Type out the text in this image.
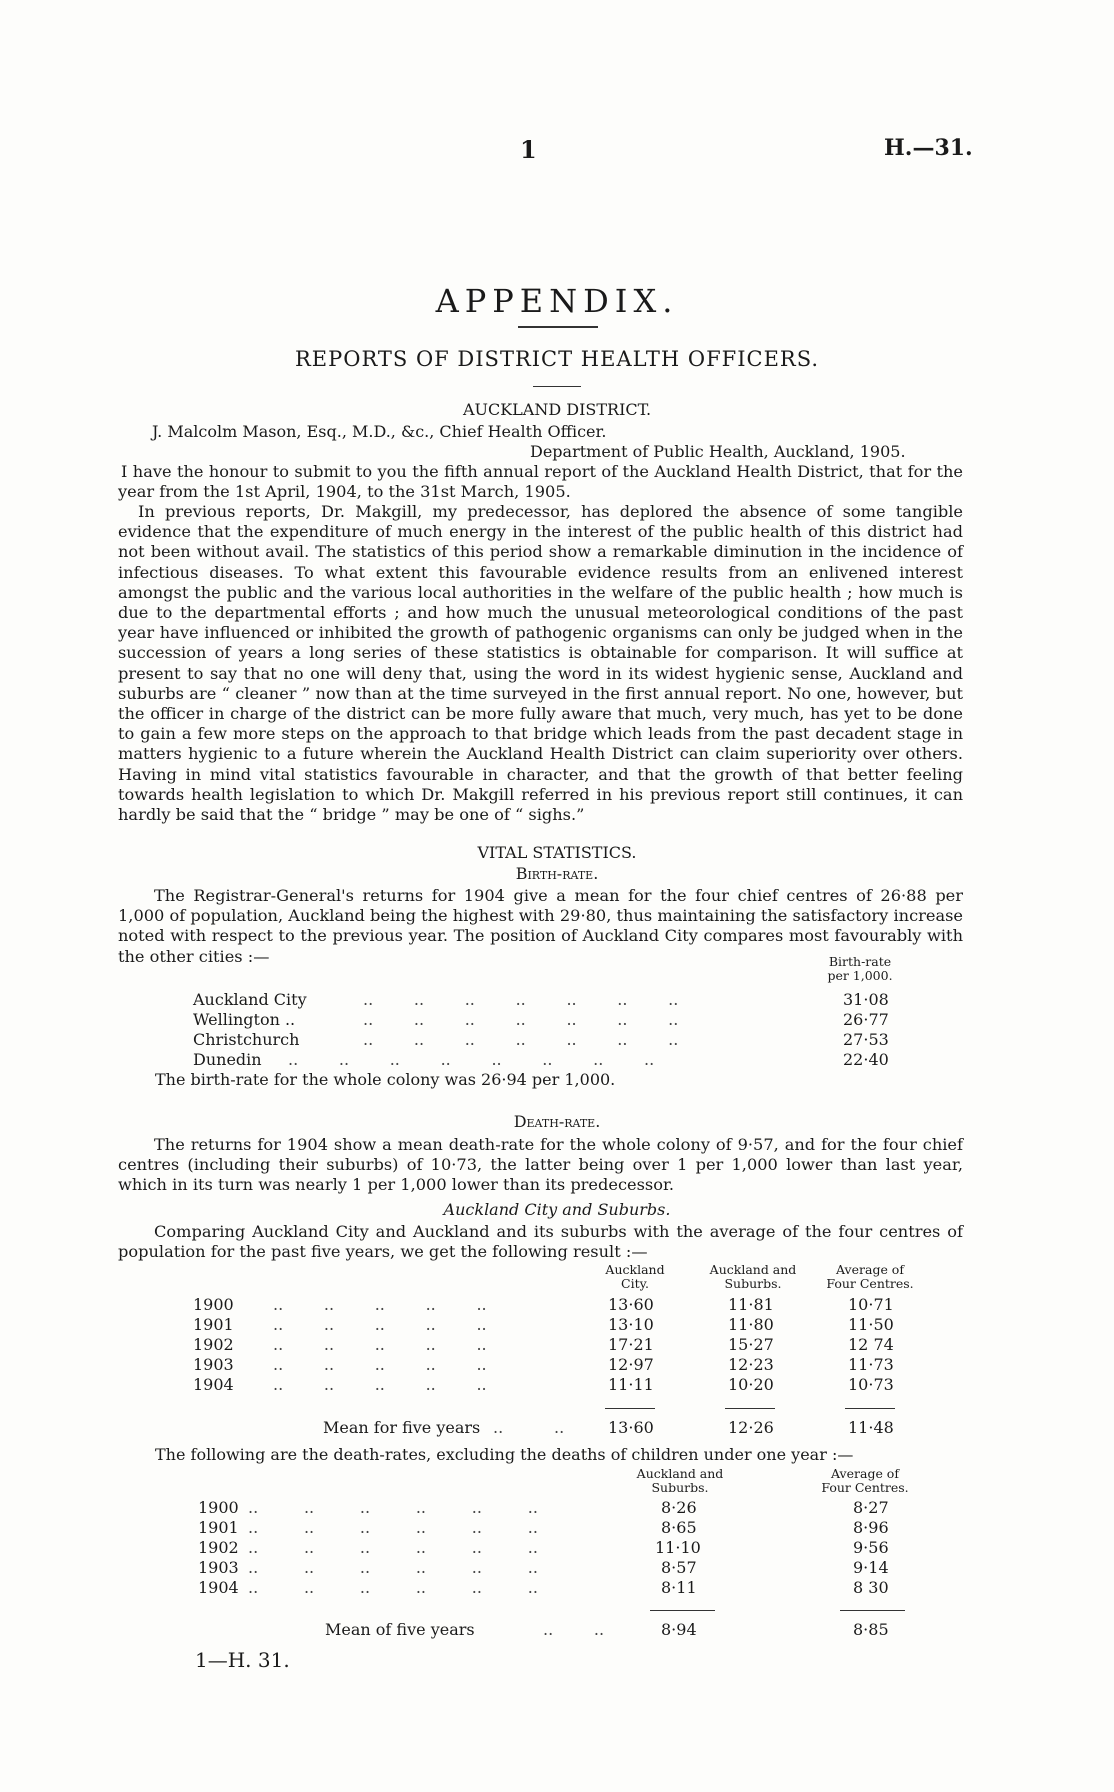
1	H.—31.
APPENDIX.
REPORTS OF DISTRICT HEALTH OFFICERS.
AUCKLAND DISTRICT.
J. Malcolm Mason, Esq., M.D., &c., Chief Health Officer.
Department of Public Health, Auckland, 1905.
I have the honour to submit to you the fifth annual report of the Auckland Health District, that for the year from the 1st April, 1904, to the 31st March, 1905.
In previous reports, Dr. Makgill, my predecessor, has deplored the absence of some tangible evidence that the expenditure of much energy in the interest of the public health of this district had not been without avail. The statistics of this period show a remarkable diminution in the incidence of infectious diseases. To what extent this favourable evidence results from an enlivened interest amongst the public and the various local authorities in the welfare of the public health ; how much is due to the departmental efforts ; and how much the unusual meteorological conditions of the past year have influenced or inhibited the growth of pathogenic organisms can only be judged when in the succession of years a long series of these statistics is obtainable for comparison. It will suffice at present to say that no one will deny that, using the word in its widest hygienic sense, Auckland and suburbs are “ cleaner ” now than at the time surveyed in the first annual report. No one, however, but the officer in charge of the district can be more fully aware that much, very much, has yet to be done to gain a few more steps on the approach to that bridge which leads from the past decadent stage in matters hygienic to a future wherein the Auckland Health District can claim superiority over others. Having in mind vital statistics favourable in character, and that the growth of that better feeling towards health legislation to which Dr. Makgill referred in his previous report still continues, it can hardly be said that the “ bridge ” may be one of “ sighs.”
VITAL STATISTICS.
Birth-rate.
The Registrar-General's returns for 1904 give a mean for the four chief centres of 26·88 per 1,000 of population, Auckland being the highest with 29·80, thus maintaining the satisfactory increase noted with respect to the previous year. The position of Auckland City compares most favourably with the other cities :—	Birth-rate
per 1,000.
Auckland City	..        ..        ..        ..        ..        ..        ..	31·08
Wellington ..	..        ..        ..        ..        ..        ..        ..	26·77
Christchurch	..        ..        ..        ..        ..        ..        ..	27·53
Dunedin ..        ..        ..        ..        ..        ..        ..        ..	22·40
The birth-rate for the whole colony was 26·94 per 1,000.
Death-rate.
The returns for 1904 show a mean death-rate for the whole colony of 9·57, and for the four chief centres (including their suburbs) of 10·73, the latter being over 1 per 1,000 lower than last year, which in its turn was nearly 1 per 1,000 lower than its predecessor.
Auckland City and Suburbs.
Comparing Auckland City and Auckland and its suburbs with the average of the four centres of population for the past five years, we get the following result :—
Auckland
City.
Auckland and
Suburbs.
Average of
Four Centres.
1900 ..        ..        ..        ..        ..	13·60	11·81	10·71
1901 ..        ..        ..        ..        ..	13·10	11·80	11·50
1902 ..        ..        ..        ..        ..	17·21	15·27	12 74
1903 ..        ..        ..        ..        ..	12·97	12·23	11·73
1904 ..        ..        ..        ..        ..	11·11	10·20	10·73
Mean for five years ..          ..	13·60	12·26	11·48
The following are the death-rates, excluding the deaths of children under one year :—
Auckland and
Suburbs.
Average of
Four Centres.
1900 ..         ..         ..         ..         ..         ..	8·26	8·27
1901 ..         ..         ..         ..         ..         ..	8·65	8·96
1902 ..         ..         ..         ..         ..         ..	11·10	9·56
1903 ..         ..         ..         ..         ..         ..	8·57	9·14
1904 ..         ..         ..         ..         ..         ..	8·11	8 30
Mean of five years	..        ..	8·94	8·85
1—H. 31.
